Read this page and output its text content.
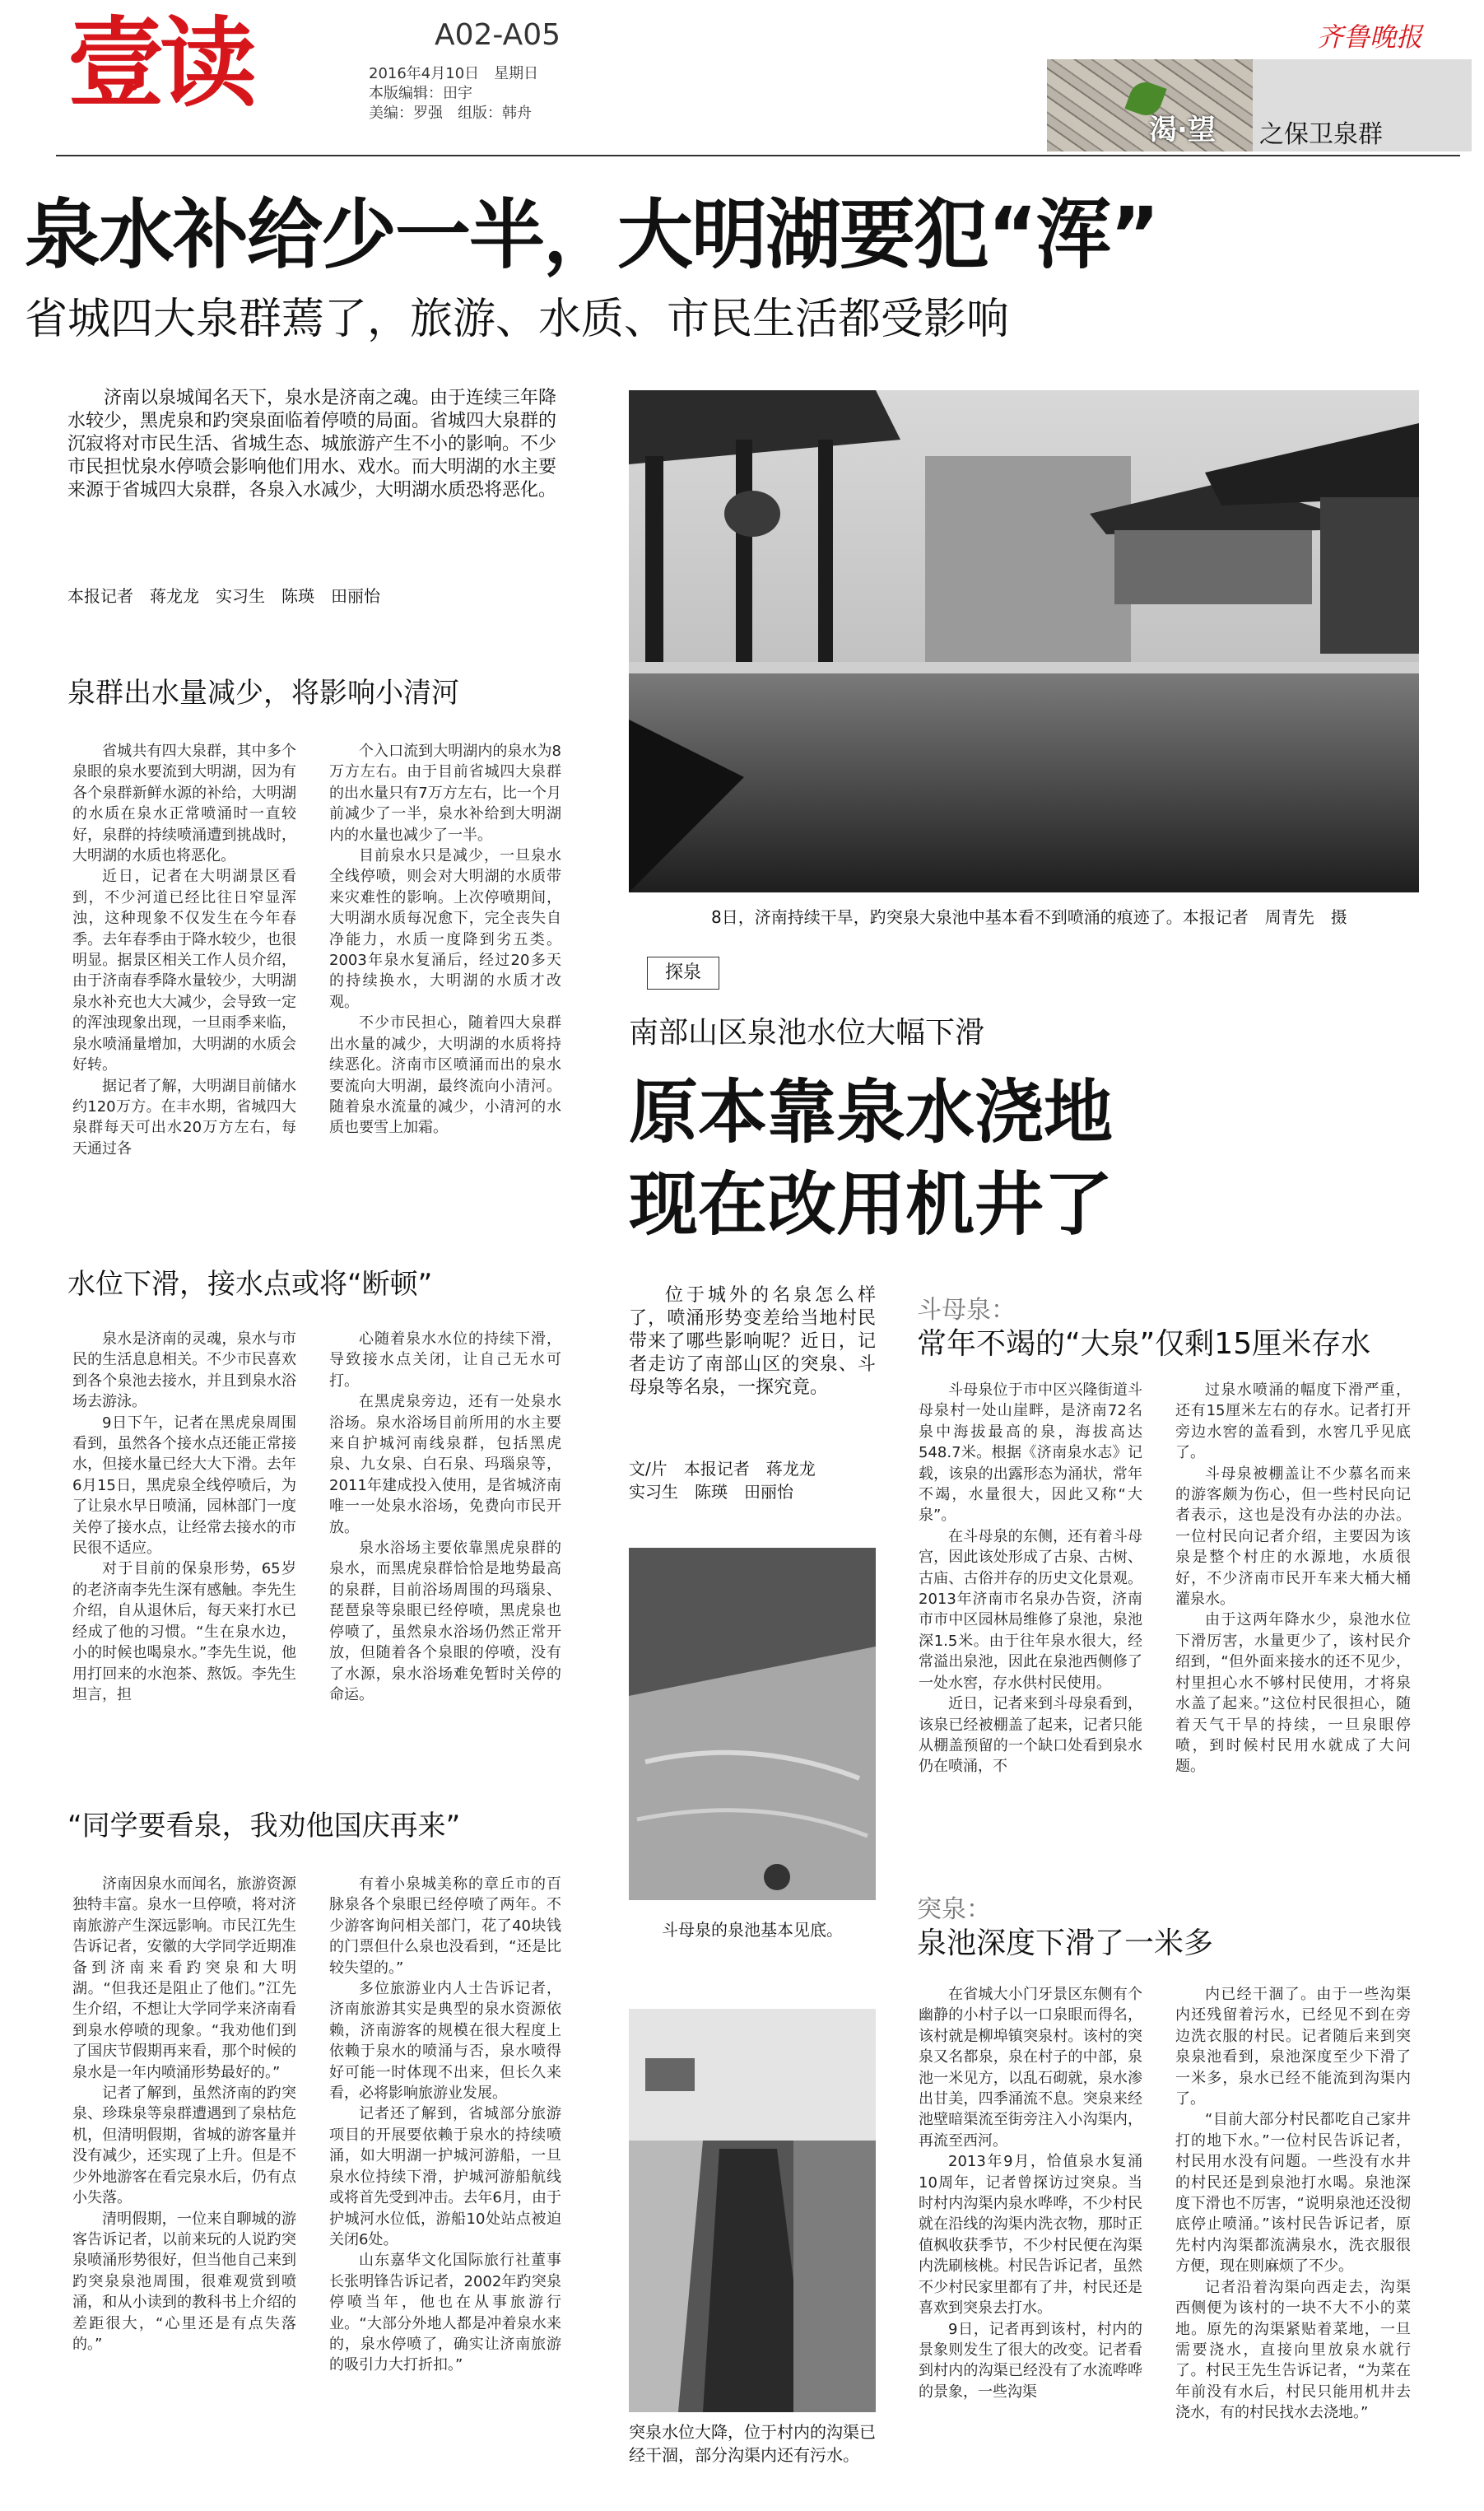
壹读	A02-A05
2016年4月10日　星期日
本版编辑：田宇
美编：罗强　组版：韩舟
齐鲁晚报
渴·望 之保卫泉群
泉水补给少一半，大明湖要犯“浑”
省城四大泉群蔫了，旅游、水质、市民生活都受影响
济南以泉城闻名天下，泉水是济南之魂。由于连续三年降水较少，黑虎泉和趵突泉面临着停喷的局面。省城四大泉群的沉寂将对市民生活、省城生态、城旅游产生不小的影响。不少市民担忧泉水停喷会影响他们用水、戏水。而大明湖的水主要来源于省城四大泉群，各泉入水减少，大明湖水质恐将恶化。
本报记者　蒋龙龙　实习生　陈瑛　田丽怡
泉群出水量减少，将影响小清河

省城共有四大泉群，其中多个泉眼的泉水要流到大明湖，因为有各个泉群新鲜水源的补给，大明湖的水质在泉水正常喷涌时一直较好，泉群的持续喷涌遭到挑战时，大明湖的水质也将恶化。

近日，记者在大明湖景区看到，不少河道已经比往日窄显浑浊，这种现象不仅发生在今年春季。去年春季由于降水较少，也很明显。据景区相关工作人员介绍，由于济南春季降水量较少，大明湖泉水补充也大大减少，会导致一定的浑浊现象出现，一旦雨季来临，泉水喷涌量增加，大明湖的水质会好转。

据记者了解，大明湖目前储水约120万方。在丰水期，省城四大泉群每天可出水20万方左右，每天通过各

个入口流到大明湖内的泉水为8万方左右。由于目前省城四大泉群的出水量只有7万方左右，比一个月前减少了一半，泉水补给到大明湖内的水量也减少了一半。

目前泉水只是减少，一旦泉水全线停喷，则会对大明湖的水质带来灾难性的影响。上次停喷期间，大明湖水质每况愈下，完全丧失自净能力，水质一度降到劣五类。2003年泉水复涌后，经过20多天的持续换水，大明湖的水质才改观。

不少市民担心，随着四大泉群出水量的减少，大明湖的水质将持续恶化。济南市区喷涌而出的泉水要流向大明湖，最终流向小清河。随着泉水流量的减少，小清河的水质也要雪上加霜。

水位下滑，接水点或将“断顿”

泉水是济南的灵魂，泉水与市民的生活息息相关。不少市民喜欢到各个泉池去接水，并且到泉水浴场去游泳。

9日下午，记者在黑虎泉周围看到，虽然各个接水点还能正常接水，但接水量已经大大下滑。去年6月15日，黑虎泉全线停喷后，为了让泉水早日喷涌，园林部门一度关停了接水点，让经常去接水的市民很不适应。

对于目前的保泉形势，65岁的老济南李先生深有感触。李先生介绍，自从退休后，每天来打水已经成了他的习惯。“生在泉水边，小的时候也喝泉水。”李先生说，他用打回来的水泡茶、熬饭。李先生坦言，担

心随着泉水水位的持续下滑，导致接水点关闭，让自己无水可打。

在黑虎泉旁边，还有一处泉水浴场。泉水浴场目前所用的水主要来自护城河南线泉群，包括黑虎泉、九女泉、白石泉、玛瑙泉等，2011年建成投入使用，是省城济南唯一一处泉水浴场，免费向市民开放。

泉水浴场主要依靠黑虎泉群的泉水，而黑虎泉群恰恰是地势最高的泉群，目前浴场周围的玛瑙泉、琵琶泉等泉眼已经停喷，黑虎泉也停喷了，虽然泉水浴场仍然正常开放，但随着各个泉眼的停喷，没有了水源，泉水浴场难免暂时关停的命运。

“同学要看泉，我劝他国庆再来”

济南因泉水而闻名，旅游资源独特丰富。泉水一旦停喷，将对济南旅游产生深远影响。市民江先生告诉记者，安徽的大学同学近期准备到济南来看趵突泉和大明湖。“但我还是阻止了他们。”江先生介绍，不想让大学同学来济南看到泉水停喷的现象。“我劝他们到了国庆节假期再来看，那个时候的泉水是一年内喷涌形势最好的。”

记者了解到，虽然济南的趵突泉、珍珠泉等泉群遭遇到了泉枯危机，但清明假期，省城的游客量并没有减少，还实现了上升。但是不少外地游客在看完泉水后，仍有点小失落。

清明假期，一位来自聊城的游客告诉记者，以前来玩的人说趵突泉喷涌形势很好，但当他自己来到趵突泉泉池周围，很难观赏到喷涌，和从小读到的教科书上介绍的差距很大，“心里还是有点失落的。”

有着小泉城美称的章丘市的百脉泉各个泉眼已经停喷了两年。不少游客询问相关部门，花了40块钱的门票但什么泉也没看到，“还是比较失望的。”

多位旅游业内人士告诉记者，济南旅游其实是典型的泉水资源依赖，济南游客的规模在很大程度上依赖于泉水的喷涌与否，泉水喷得好可能一时体现不出来，但长久来看，必将影响旅游业发展。

记者还了解到，省城部分旅游项目的开展要依赖于泉水的持续喷涌，如大明湖一护城河游船，一旦泉水位持续下滑，护城河游船航线或将首先受到冲击。去年6月，由于护城河水位低，游船10处站点被迫关闭6处。

山东嘉华文化国际旅行社董事长张明锋告诉记者，2002年趵突泉停喷当年，他也在从事旅游行业。“大部分外地人都是冲着泉水来的，泉水停喷了，确实让济南旅游的吸引力大打折扣。”

8日，济南持续干旱，趵突泉大泉池中基本看不到喷涌的痕迹了。本报记者　周青先　摄
探泉
南部山区泉池水位大幅下滑
原本靠泉水浇地
现在改用机井了
位于城外的名泉怎么样了，喷涌形势变差给当地村民带来了哪些影响呢？近日，记者走访了南部山区的突泉、斗母泉等名泉，一探究竟。
文/片　本报记者　蒋龙龙
实习生　陈瑛　田丽怡
斗母泉的泉池基本见底。
突泉水位大降，位于村内的沟渠已经干涸，部分沟渠内还有污水。
斗母泉：
常年不竭的“大泉”仅剩15厘米存水

斗母泉位于市中区兴隆街道斗母泉村一处山崖畔，是济南72名泉中海拔最高的泉，海拔高达548.7米。根据《济南泉水志》记载，该泉的出露形态为涌状，常年不竭，水量很大，因此又称“大泉”。

在斗母泉的东侧，还有着斗母宫，因此该处形成了古泉、古树、古庙、古俗并存的历史文化景观。2013年济南市名泉办告资，济南市市中区园林局维修了泉池，泉池深1.5米。由于往年泉水很大，经常溢出泉池，因此在泉池西侧修了一处水窖，存水供村民使用。

近日，记者来到斗母泉看到，该泉已经被棚盖了起来，记者只能从棚盖预留的一个缺口处看到泉水仍在喷涌，不

过泉水喷涌的幅度下滑严重，还有15厘米左右的存水。记者打开旁边水窖的盖看到，水窖几乎见底了。

斗母泉被棚盖让不少慕名而来的游客颇为伤心，但一些村民向记者表示，这也是没有办法的办法。一位村民向记者介绍，主要因为该泉是整个村庄的水源地，水质很好，不少济南市民开车来大桶大桶灌泉水。

由于这两年降水少，泉池水位下滑厉害，水量更少了，该村民介绍到，“但外面来接水的还不见少，村里担心水不够村民使用，才将泉水盖了起来。”这位村民很担心，随着天气干旱的持续，一旦泉眼停喷，到时候村民用水就成了大问题。

突泉：
泉池深度下滑了一米多

在省城大小门牙景区东侧有个幽静的小村子以一口泉眼而得名，该村就是柳埠镇突泉村。该村的突泉又名都泉，泉在村子的中部，泉池一米见方，以乱石砌就，泉水渗出甘美，四季涌流不息。突泉来经池壁暗渠流至街旁注入小沟渠内，再流至西河。

2013年9月，恰值泉水复涌10周年，记者曾探访过突泉。当时村内沟渠内泉水哗哗，不少村民就在沿线的沟渠内洗衣物，那时正值枫收获季节，不少村民便在沟渠内洗刷核桃。村民告诉记者，虽然不少村民家里都有了井，村民还是喜欢到突泉去打水。

9日，记者再到该村，村内的景象则发生了很大的改变。记者看到村内的沟渠已经没有了水流哗哗的景象，一些沟渠

内已经干涸了。由于一些沟渠内还残留着污水，已经见不到在旁边洗衣服的村民。记者随后来到突泉泉池看到，泉池深度至少下滑了一米多，泉水已经不能流到沟渠内了。

“目前大部分村民都吃自己家井打的地下水。”一位村民告诉记者，村民用水没有问题。一些没有水井的村民还是到泉池打水喝。泉池深度下滑也不厉害，“说明泉池还没彻底停止喷涌。”该村民告诉记者，原先村内沟渠都流满泉水，洗衣服很方便，现在则麻烦了不少。

记者沿着沟渠向西走去，沟渠西侧便为该村的一块不大不小的菜地。原先的沟渠紧贴着菜地，一旦需要浇水，直接向里放泉水就行了。村民王先生告诉记者，“为菜在年前没有水后，村民只能用机井去浇水，有的村民找水去浇地。”
